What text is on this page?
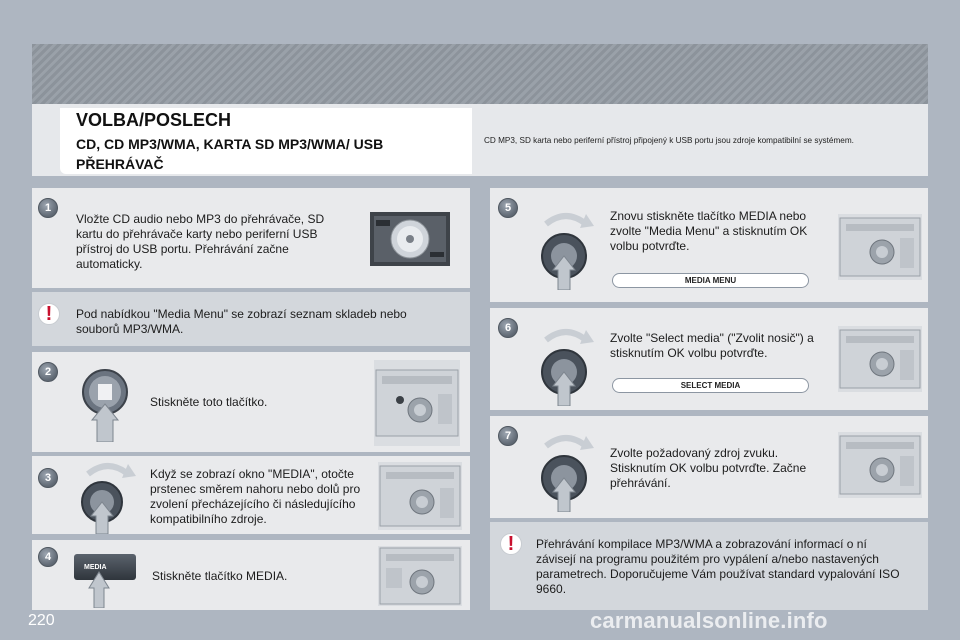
VOLBA/POSLECH
CD, CD MP3/WMA, KARTA SD MP3/WMA/ USB PŘEHRÁVAČ
CD MP3, SD karta nebo periferní přístroj připojený k USB portu jsou zdroje kompatibilní se systémem.
1
Vložte CD audio nebo MP3 do přehrávače, SD kartu do přehrávače karty nebo periferní USB přístroj do USB portu. Přehrávání začne automaticky.
!	Pod nabídkou "Media Menu" se zobrazí seznam skladeb nebo souborů MP3/WMA.
2
Stiskněte toto tlačítko.
3	Když se zobrazí okno "MEDIA", otočte prstenec směrem nahoru nebo dolů pro zvolení přecházejícího či následujícího kompatibilního zdroje.
4
MEDIA
Stiskněte tlačítko MEDIA.
5
Znovu stiskněte tlačítko MEDIA nebo zvolte "Media Menu" a stisknutím OK volbu potvrďte.
MEDIA MENU
6
Zvolte "Select media" ("Zvolit nosič") a stisknutím OK volbu potvrďte.
SELECT MEDIA
7
Zvolte požadovaný zdroj zvuku. Stisknutím OK volbu potvrďte. Začne přehrávání.
!	Přehrávání kompilace MP3/WMA a zobrazování informací o ní závisejí na programu použitém pro vypálení a/nebo nastavených parametrech. Doporučujeme Vám používat standard vypalování ISO 9660.
220	carmanualsonline.info
